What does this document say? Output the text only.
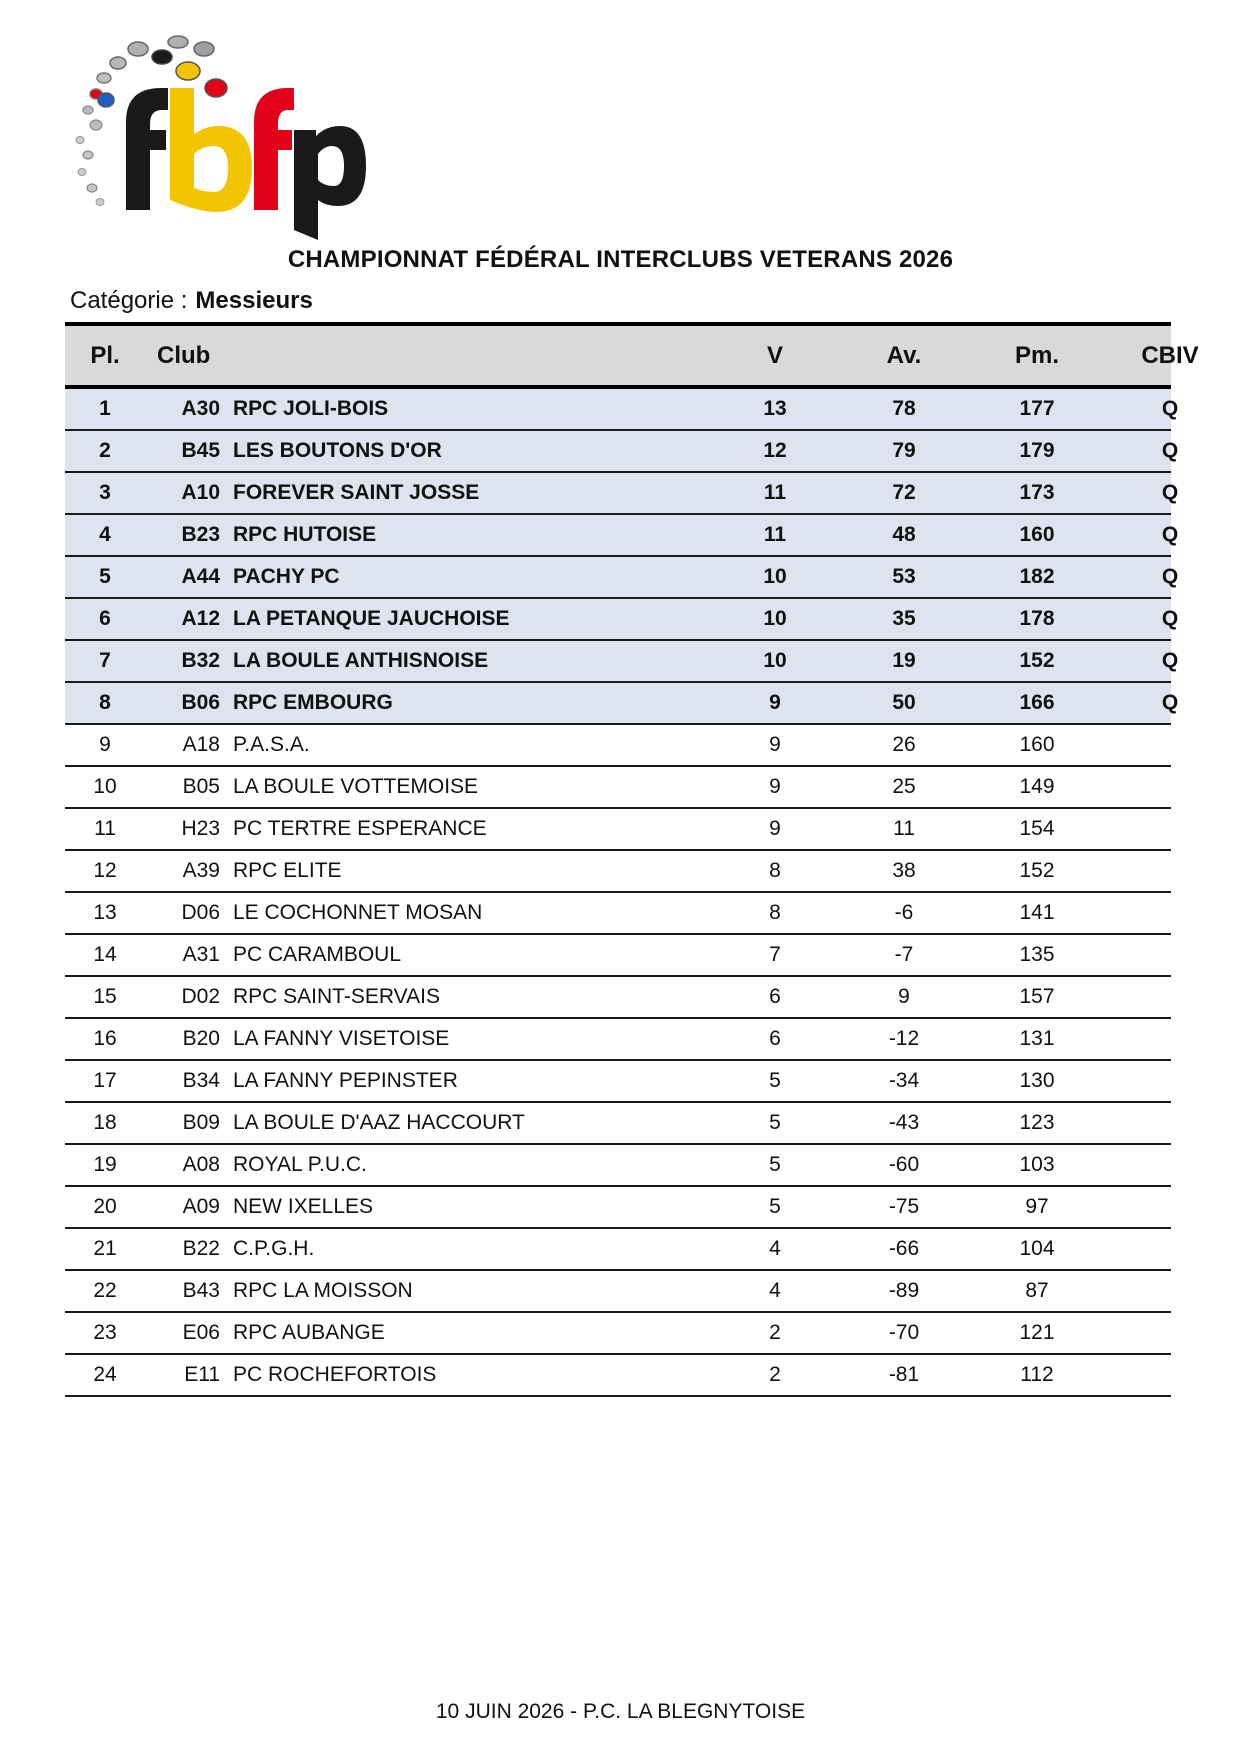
CHAMPIONNAT FÉDÉRAL INTERCLUBS VETERANS 2026
Catégorie : Messieurs
Pl.	Club	V	Av.	Pm.	CBIV
1	A30 RPC JOLI-BOIS	13	78	177	Q
2	B45 LES BOUTONS D'OR	12	79	179	Q
3	A10 FOREVER SAINT JOSSE	11	72	173	Q
4	B23 RPC HUTOISE	11	48	160	Q
5	A44 PACHY PC	10	53	182	Q
6	A12 LA PETANQUE JAUCHOISE	10	35	178	Q
7	B32 LA BOULE ANTHISNOISE	10	19	152	Q
8	B06 RPC EMBOURG	9	50	166	Q
9	A18 P.A.S.A.	9	26	160
10	B05 LA BOULE VOTTEMOISE	9	25	149
11	H23 PC TERTRE ESPERANCE	9	11	154
12	A39 RPC ELITE	8	38	152
13	D06 LE COCHONNET MOSAN	8	-6	141
14	A31 PC CARAMBOUL	7	-7	135
15	D02 RPC SAINT-SERVAIS	6	9	157
16	B20 LA FANNY VISETOISE	6	-12	131
17	B34 LA FANNY PEPINSTER	5	-34	130
18	B09 LA BOULE D'AAZ HACCOURT	5	-43	123
19	A08 ROYAL P.U.C.	5	-60	103
20	A09 NEW IXELLES	5	-75	97
21	B22 C.P.G.H.	4	-66	104
22	B43 RPC LA MOISSON	4	-89	87
23	E06 RPC AUBANGE	2	-70	121
24	E11 PC ROCHEFORTOIS	2	-81	112
10 JUIN 2026 - P.C. LA BLEGNYTOISE
